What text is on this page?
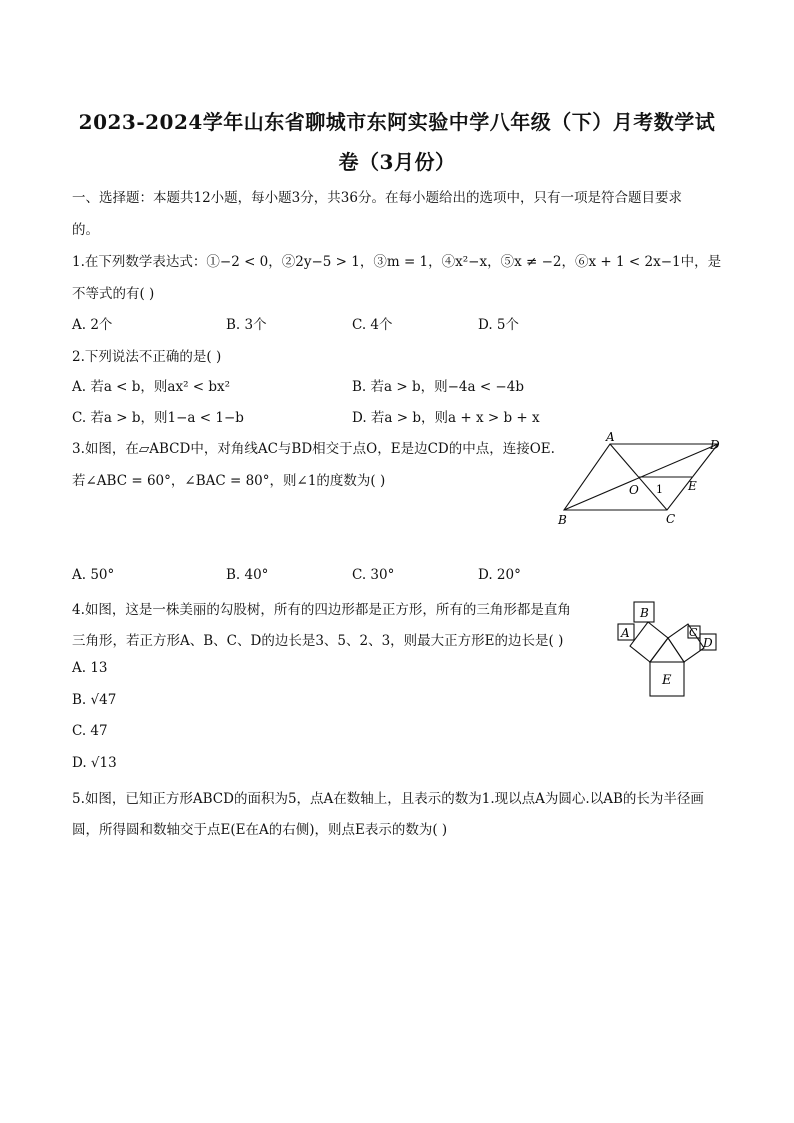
2023-2024学年山东省聊城市东阿实验中学八年级（下）月考数学试
卷（3月份）
一、选择题：本题共12小题，每小题3分，共36分。在每小题给出的选项中，只有一项是符合题目要求
的。
1.在下列数学表达式：①−2 < 0，②2y−5 > 1，③m = 1，④x²−x，⑤x ≠ −2，⑥x + 1 < 2x−1中，是
不等式的有( )
A. 2个	B. 3个	C. 4个	D. 5个
2.下列说法不正确的是( )
A. 若a < b，则ax² < bx²	B. 若a > b，则−4a < −4b
C. 若a > b，则1−a < 1−b	D. 若a > b，则a + x > b + x
3.如图，在▱ABCD中，对角线AC与BD相交于点O，E是边CD的中点，连接OE.
若∠ABC = 60°，∠BAC = 80°，则∠1的度数为( )
A
D
B	C
O	E
1
A. 50°	B. 40°	C. 30°	D. 20°
4.如图，这是一株美丽的勾股树，所有的四边形都是正方形，所有的三角形都是直角
三角形，若正方形A、B、C、D的边长是3、5、2、3，则最大正方形E的边长是( )
B
A	C
D
E
A. 13
B. √47
C. 47
D. √13
5.如图，已知正方形ABCD的面积为5，点A在数轴上，且表示的数为1.现以点A为圆心.以AB的长为半径画
圆，所得圆和数轴交于点E(E在A的右侧)，则点E表示的数为( )
